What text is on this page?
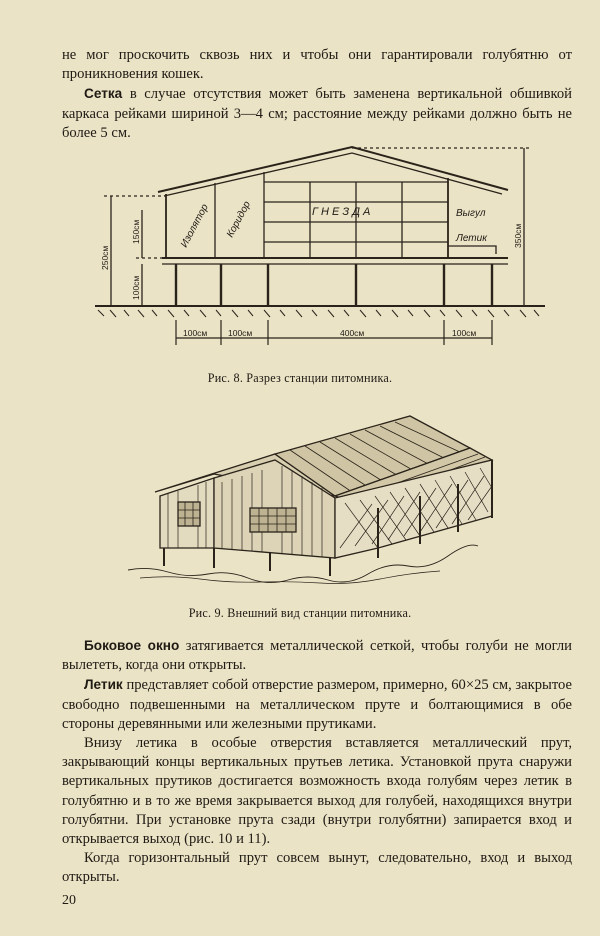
не мог проскочить сквозь них и чтобы они гарантировали голубятню от проникновения кошек.

Сетка в случае отсутствия может быть заменена вертикальной обшивкой каркаса рейками шириной 3—4 см; расстояние между рейками должно быть не более 5 см.

Изолятор Коридор	Г Н Е З Д А	Выгул
Летик
250см
150см
100см
350см
100см 100см	400см	100см
Рис. 8. Разрез станции питомника.
Рис. 9. Внешний вид станции питомника.

Боковое окно затягивается металлической сеткой, чтобы голуби не могли вылететь, когда они открыты.

Летик представляет собой отверстие размером, примерно, 60×25 см, закрытое свободно подвешенными на металлическом пруте и болтающимися в обе стороны деревянными или железными прутиками.

Внизу летика в особые отверстия вставляется металлический прут, закрывающий концы вертикальных прутьев летика. Установкой прута снаружи вертикальных прутиков достигается возможность входа голубям через летик в голубятню и в то же время закрывается выход для голубей, находящихся внутри голубятни. При установке прута сзади (внутри голубятни) запирается вход и открывается выход (рис. 10 и 11).

Когда горизонтальный прут совсем вынут, следовательно, вход и выход открыты.

20
